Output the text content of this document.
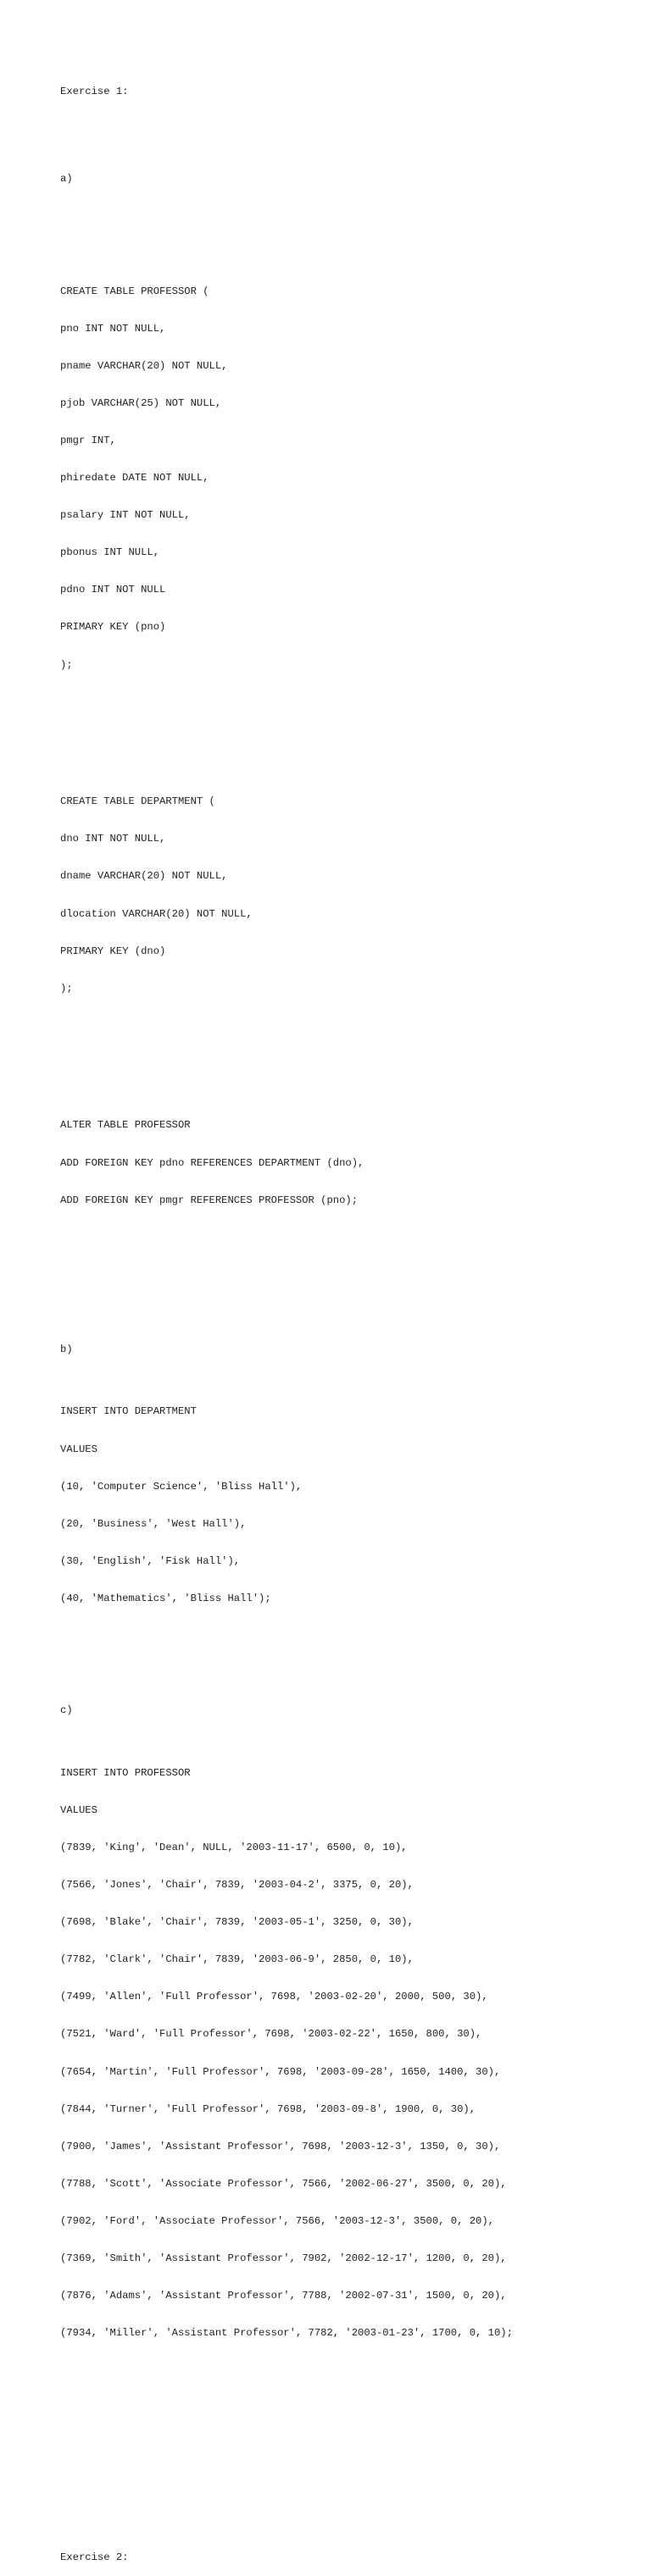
Exercise 1:

a)

CREATE TABLE PROFESSOR (

pno INT NOT NULL,

pname VARCHAR(20) NOT NULL,

pjob VARCHAR(25) NOT NULL,

pmgr INT,

phiredate DATE NOT NULL,

psalary INT NOT NULL,

pbonus INT NULL,

pdno INT NOT NULL

PRIMARY KEY (pno)

);

CREATE TABLE DEPARTMENT (

dno INT NOT NULL,

dname VARCHAR(20) NOT NULL,

dlocation VARCHAR(20) NOT NULL,

PRIMARY KEY (dno)

);

ALTER TABLE PROFESSOR

ADD FOREIGN KEY pdno REFERENCES DEPARTMENT (dno),

ADD FOREIGN KEY pmgr REFERENCES PROFESSOR (pno);

b)

INSERT INTO DEPARTMENT

VALUES

(10, 'Computer Science', 'Bliss Hall'),

(20, 'Business', 'West Hall'),

(30, 'English', 'Fisk Hall'),

(40, 'Mathematics', 'Bliss Hall');

c)

INSERT INTO PROFESSOR

VALUES

(7839, 'King', 'Dean', NULL, '2003-11-17', 6500, 0, 10),

(7566, 'Jones', 'Chair', 7839, '2003-04-2', 3375, 0, 20),

(7698, 'Blake', 'Chair', 7839, '2003-05-1', 3250, 0, 30),

(7782, 'Clark', 'Chair', 7839, '2003-06-9', 2850, 0, 10),

(7499, 'Allen', 'Full Professor', 7698, '2003-02-20', 2000, 500, 30),

(7521, 'Ward', 'Full Professor', 7698, '2003-02-22', 1650, 800, 30),

(7654, 'Martin', 'Full Professor', 7698, '2003-09-28', 1650, 1400, 30),

(7844, 'Turner', 'Full Professor', 7698, '2003-09-8', 1900, 0, 30),

(7900, 'James', 'Assistant Professor', 7698, '2003-12-3', 1350, 0, 30),

(7788, 'Scott', 'Associate Professor', 7566, '2002-06-27', 3500, 0, 20),

(7902, 'Ford', 'Associate Professor', 7566, '2003-12-3', 3500, 0, 20),

(7369, 'Smith', 'Assistant Professor', 7902, '2002-12-17', 1200, 0, 20),

(7876, 'Adams', 'Assistant Professor', 7788, '2002-07-31', 1500, 0, 20),

(7934, 'Miller', 'Assistant Professor', 7782, '2003-01-23', 1700, 0, 10);

Exercise 2:
